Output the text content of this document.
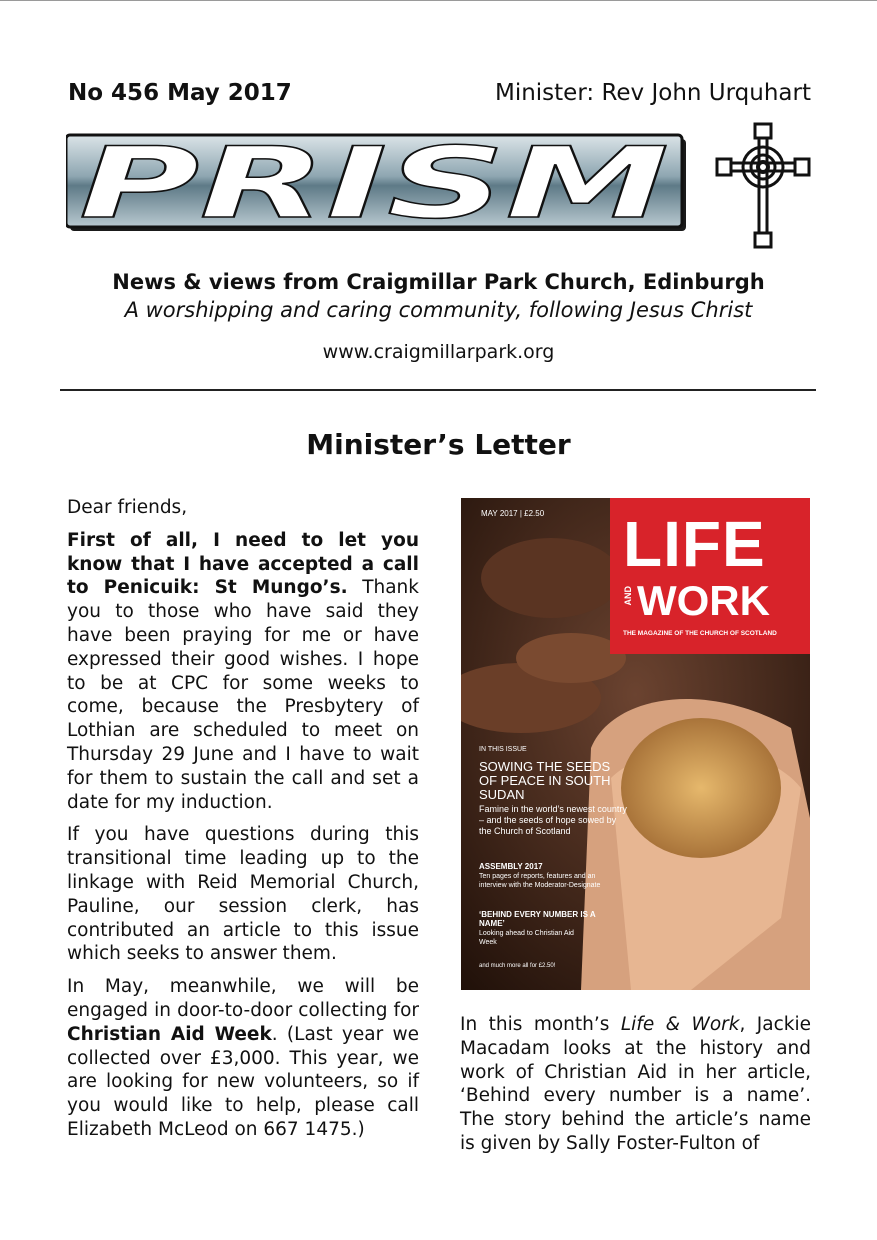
No 456 May 2017	Minister: Rev John Urquhart
PRISM
News & views from Craigmillar Park Church, Edinburgh
A worshipping and caring community, following Jesus Christ
www.craigmillarpark.org
Minister’s Letter

Dear friends,

First of all, I need to let you know that I have accepted a call to Penicuik: St Mungo’s. Thank you to those who have said they have been praying for me or have expressed their good wishes. I hope to be at CPC for some weeks to come, because the Presbytery of Lothian are scheduled to meet on Thursday 29 June and I have to wait for them to sustain the call and set a date for my induction.

If you have questions during this transitional time leading up to the linkage with Reid Memorial Church, Pauline, our session clerk, has contributed an article to this issue which seeks to answer them.

In May, meanwhile, we will be engaged in door-to-door collecting for Christian Aid Week. (Last year we collected over £3,000. This year, we are looking for new volunteers, so if you would like to help, please call Elizabeth McLeod on 667 1475.)

MAY 2017 | £2.50 LIFE
AND WORK
THE MAGAZINE OF THE CHURCH OF SCOTLAND
IN THIS ISSUE
SOWING THE SEEDS OF PEACE IN SOUTH SUDAN
Famine in the world’s newest country – and the seeds of hope sowed by the Church of Scotland
ASSEMBLY 2017
Ten pages of reports, features and an interview with the Moderator-Designate
‘BEHIND EVERY NUMBER IS A NAME’
Looking ahead to Christian Aid Week
and much more all for £2.50!
In this month’s Life & Work, Jackie Macadam looks at the history and work of Christian Aid in her article, ‘Behind every number is a name’. The story behind the article’s name is given by Sally Foster-Fulton of
